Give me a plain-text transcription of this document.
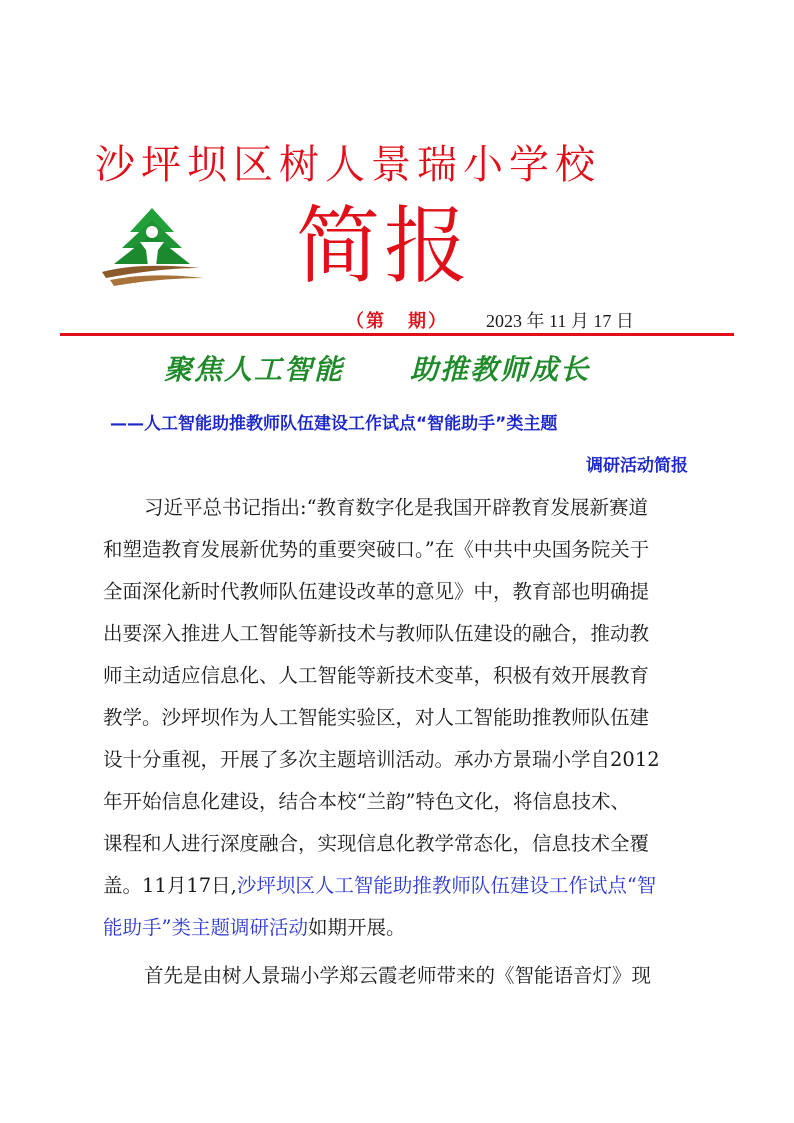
沙坪坝区树人景瑞小学校
简报
（第 期） 2023 年 11 月 17 日
聚焦人工智能 助推教师成长
——人工智能助推教师队伍建设工作试点“智能助手”类主题
调研活动简报
习近平总书记指出:“教育数字化是我国开辟教育发展新赛道
和塑造教育发展新优势的重要突破口。”在《中共中央国务院关于
全面深化新时代教师队伍建设改革的意见》中，教育部也明确提
出要深入推进人工智能等新技术与教师队伍建设的融合，推动教
师主动适应信息化、人工智能等新技术变革，积极有效开展教育
教学。沙坪坝作为人工智能实验区，对人工智能助推教师队伍建
设十分重视，开展了多次主题培训活动。承办方景瑞小学自2012
年开始信息化建设，结合本校“兰韵”特色文化，将信息技术、
课程和人进行深度融合，实现信息化教学常态化，信息技术全覆
盖。11月17日,沙坪坝区人工智能助推教师队伍建设工作试点“智
能助手”类主题调研活动如期开展。
首先是由树人景瑞小学郑云霞老师带来的《智能语音灯》现
